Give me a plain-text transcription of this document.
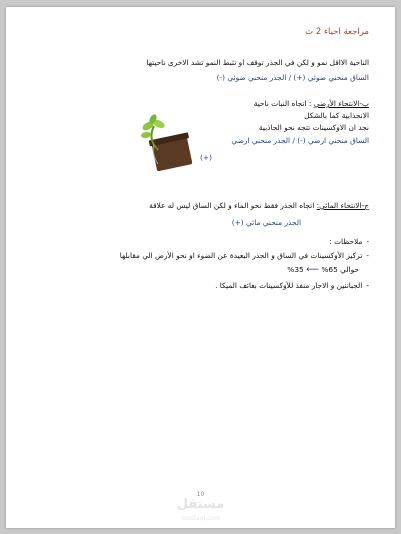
مراجعة احياء 2 ث
الناحية الااقل نمو و لكن في الجذر توقف او تثبط النمو تشد الاخرى ناحيتها
الساق منحني ضوئي (+) / الجذر منحني ضوئي (-)
ب-الانتحاء الأرضي : اتجاه النبات ناحية
الانجذابية كما بالشكل
نجد ان الاوكسينات تتجه نحو الجاذبية
الساق منحني ارضي (-) / الجذر منحني ارضي
(+)
ج-الانتحاء المائي: اتجاه الجذر فقط نحو الماء و لكن الساق ليس له علاقة
الجذر منحني مائي (+)
- ملاحظات :
- تركيز الأوكسينات في الساق و الجذر البعيدة عن الضوء او نحو الأرض الي مقابلها
حوالي 65% ⟵ 35%
- الجبانتين و الاجار منفذ للأوكسينات بعائف الميكا .
10
مستقل
mostaql.com
